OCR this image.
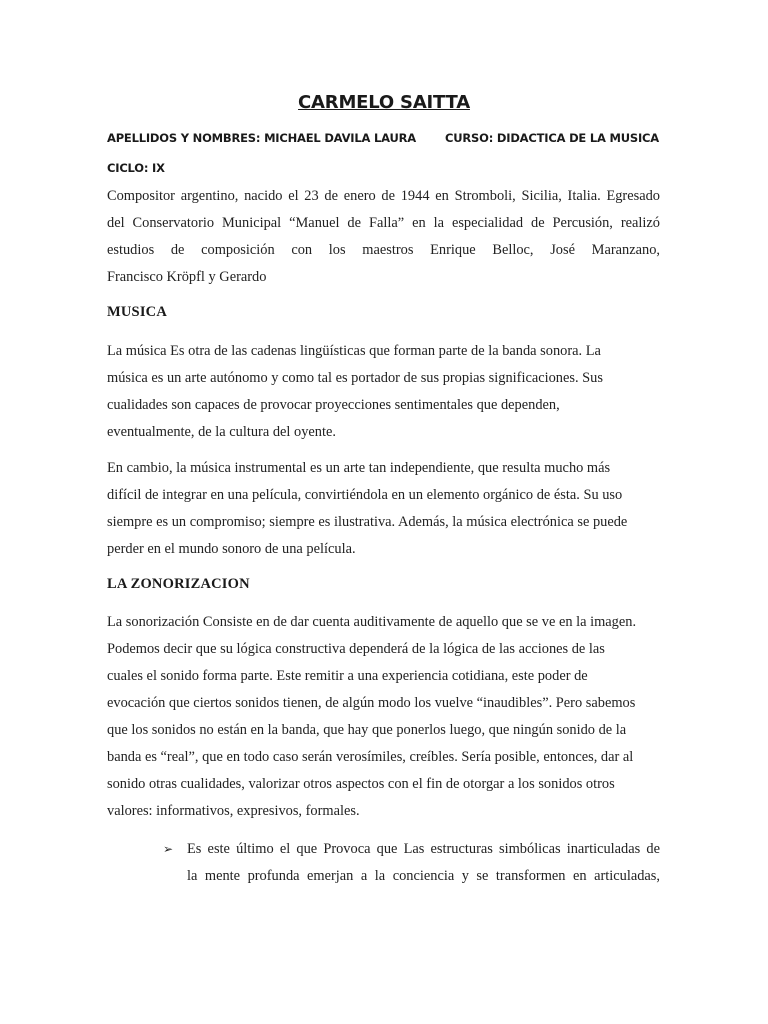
CARMELO SAITTA
APELLIDOS Y NOMBRES: MICHAEL DAVILA LAURA	CURSO: DIDACTICA DE LA MUSICA
CICLO: IX
Compositor argentino, nacido el 23 de enero de 1944 en Stromboli, Sicilia, Italia. Egresado
del Conservatorio Municipal “Manuel de Falla” en la especialidad de Percusión, realizó
estudios de composición con los maestros Enrique Belloc, José Maranzano,
Francisco Kröpfl y Gerardo
MUSICA
La música Es otra de las cadenas lingüísticas que forman parte de la banda sonora. La
música es un arte autónomo y como tal es portador de sus propias significaciones. Sus
cualidades son capaces de provocar proyecciones sentimentales que dependen,
eventualmente, de la cultura del oyente.
En cambio, la música instrumental es un arte tan independiente, que resulta mucho más
difícil de integrar en una película, convirtiéndola en un elemento orgánico de ésta. Su uso
siempre es un compromiso; siempre es ilustrativa. Además, la música electrónica se puede
perder en el mundo sonoro de una película.
LA ZONORIZACION
La sonorización Consiste en de dar cuenta auditivamente de aquello que se ve en la imagen.
Podemos decir que su lógica constructiva dependerá de la lógica de las acciones de las
cuales el sonido forma parte. Este remitir a una experiencia cotidiana, este poder de
evocación que ciertos sonidos tienen, de algún modo los vuelve “inaudibles”. Pero sabemos
que los sonidos no están en la banda, que hay que ponerlos luego, que ningún sonido de la
banda es “real”, que en todo caso serán verosímiles, creíbles. Sería posible, entonces, dar al
sonido otras cualidades, valorizar otros aspectos con el fin de otorgar a los sonidos otros
valores: informativos, expresivos, formales.
➢ Es este último el que Provoca que Las estructuras simbólicas inarticuladas de
la mente profunda emerjan a la conciencia y se transformen en articuladas,
